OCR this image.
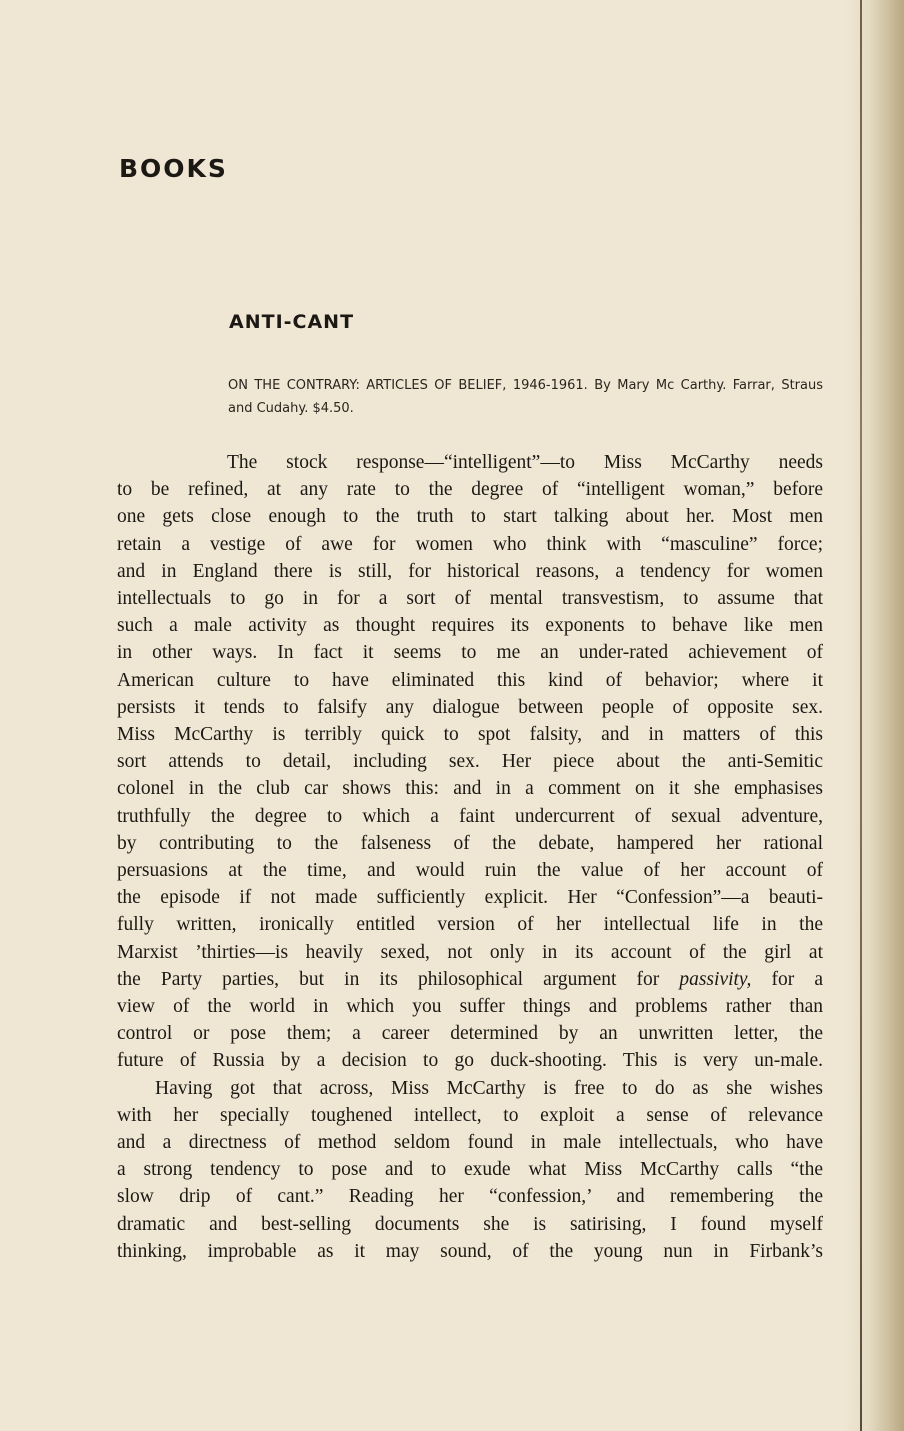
BOOKS
ANTI-CANT

ON THE CONTRARY: ARTICLES OF BELIEF, 1946-1961. By Mary Mc Carthy. Farrar, Straus and Cudahy. $4.50.

The stock response—“intelligent”—to Miss McCarthy needs
to be refined, at any rate to the degree of “intelligent woman,” before
one gets close enough to the truth to start talking about her. Most men
retain a vestige of awe for women who think with “masculine” force;
and in England there is still, for historical reasons, a tendency for women
intellectuals to go in for a sort of mental transvestism, to assume that
such a male activity as thought requires its exponents to behave like men
in other ways. In fact it seems to me an under-rated achievement of
American culture to have eliminated this kind of behavior; where it
persists it tends to falsify any dialogue between people of opposite sex.
Miss McCarthy is terribly quick to spot falsity, and in matters of this
sort attends to detail, including sex. Her piece about the anti-Semitic
colonel in the club car shows this: and in a comment on it she emphasises
truthfully the degree to which a faint undercurrent of sexual adventure,
by contributing to the falseness of the debate, hampered her rational
persuasions at the time, and would ruin the value of her account of
the episode if not made sufficiently explicit. Her “Confession”—a beauti-
fully written, ironically entitled version of her intellectual life in the
Marxist ’thirties—is heavily sexed, not only in its account of the girl at
the Party parties, but in its philosophical argument for passivity, for a
view of the world in which you suffer things and problems rather than
control or pose them; a career determined by an unwritten letter, the
future of Russia by a decision to go duck-shooting. This is very un-male.

Having got that across, Miss McCarthy is free to do as she wishes
with her specially toughened intellect, to exploit a sense of relevance
and a directness of method seldom found in male intellectuals, who have
a strong tendency to pose and to exude what Miss McCarthy calls “the
slow drip of cant.” Reading her “confession,’ and remembering the
dramatic and best-selling documents she is satirising, I found myself
thinking, improbable as it may sound, of the young nun in Firbank’s
